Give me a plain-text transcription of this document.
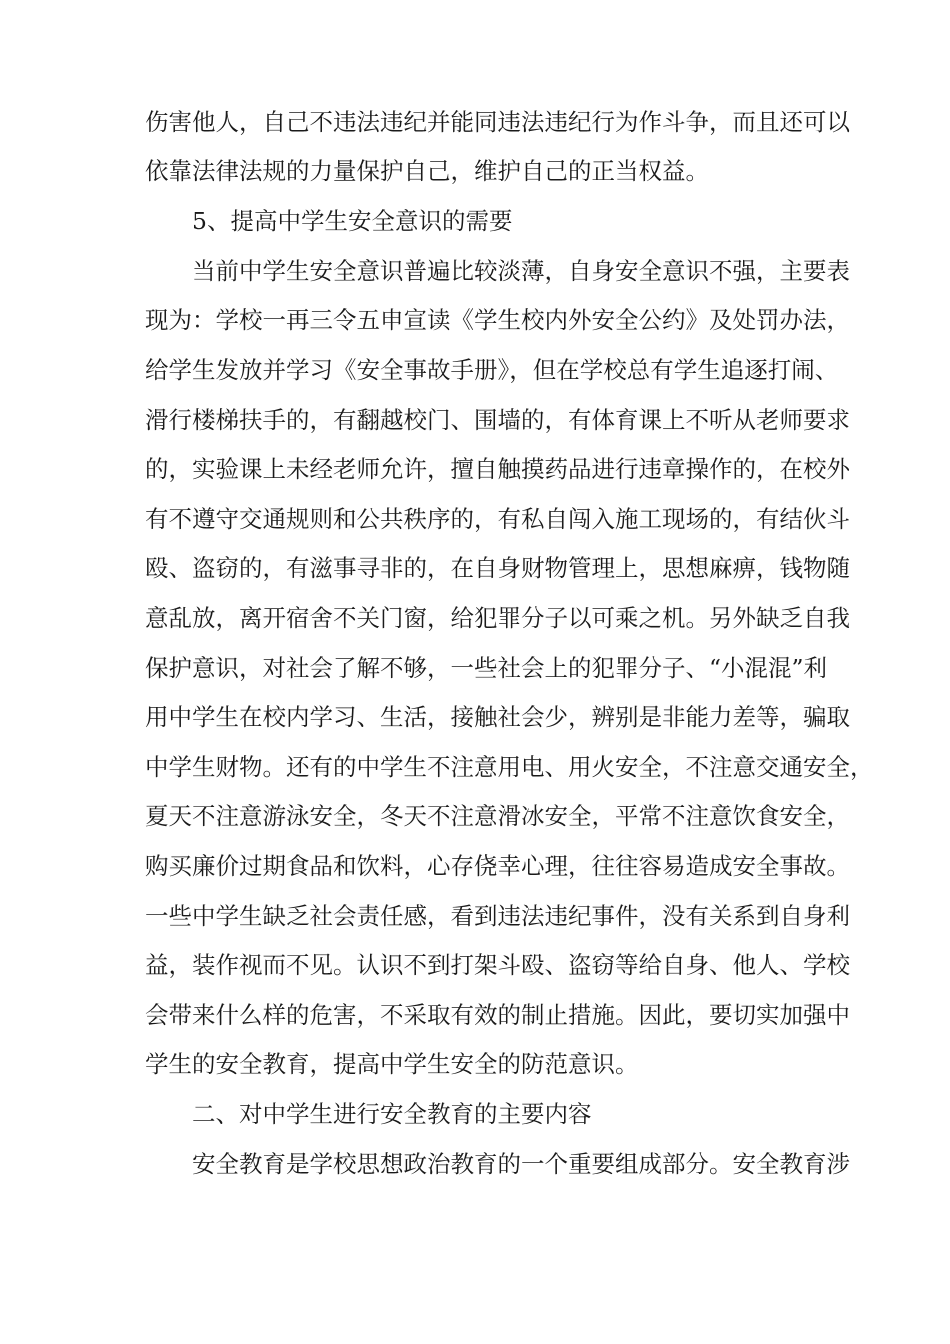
伤害他人，自己不违法违纪并能同违法违纪行为作斗争，而且还可以

依靠法律法规的力量保护自己，维护自己的正当权益。

5、提高中学生安全意识的需要

当前中学生安全意识普遍比较淡薄，自身安全意识不强，主要表

现为：学校一再三令五申宣读《学生校内外安全公约》及处罚办法，

给学生发放并学习《安全事故手册》，但在学校总有学生追逐打闹、

滑行楼梯扶手的，有翻越校门、围墙的，有体育课上不听从老师要求

的，实验课上未经老师允许，擅自触摸药品进行违章操作的，在校外

有不遵守交通规则和公共秩序的，有私自闯入施工现场的，有结伙斗

殴、盗窃的，有滋事寻非的，在自身财物管理上，思想麻痹，钱物随

意乱放，离开宿舍不关门窗，给犯罪分子以可乘之机。另外缺乏自我

保护意识，对社会了解不够，一些社会上的犯罪分子、“小混混”利

用中学生在校内学习、生活，接触社会少，辨别是非能力差等，骗取

中学生财物。还有的中学生不注意用电、用火安全，不注意交通安全，

夏天不注意游泳安全，冬天不注意滑冰安全，平常不注意饮食安全，

购买廉价过期食品和饮料，心存侥幸心理，往往容易造成安全事故。

一些中学生缺乏社会责任感，看到违法违纪事件，没有关系到自身利

益，装作视而不见。认识不到打架斗殴、盗窃等给自身、他人、学校

会带来什么样的危害，不采取有效的制止措施。因此，要切实加强中

学生的安全教育，提高中学生安全的防范意识。

二、对中学生进行安全教育的主要内容

安全教育是学校思想政治教育的一个重要组成部分。安全教育涉
